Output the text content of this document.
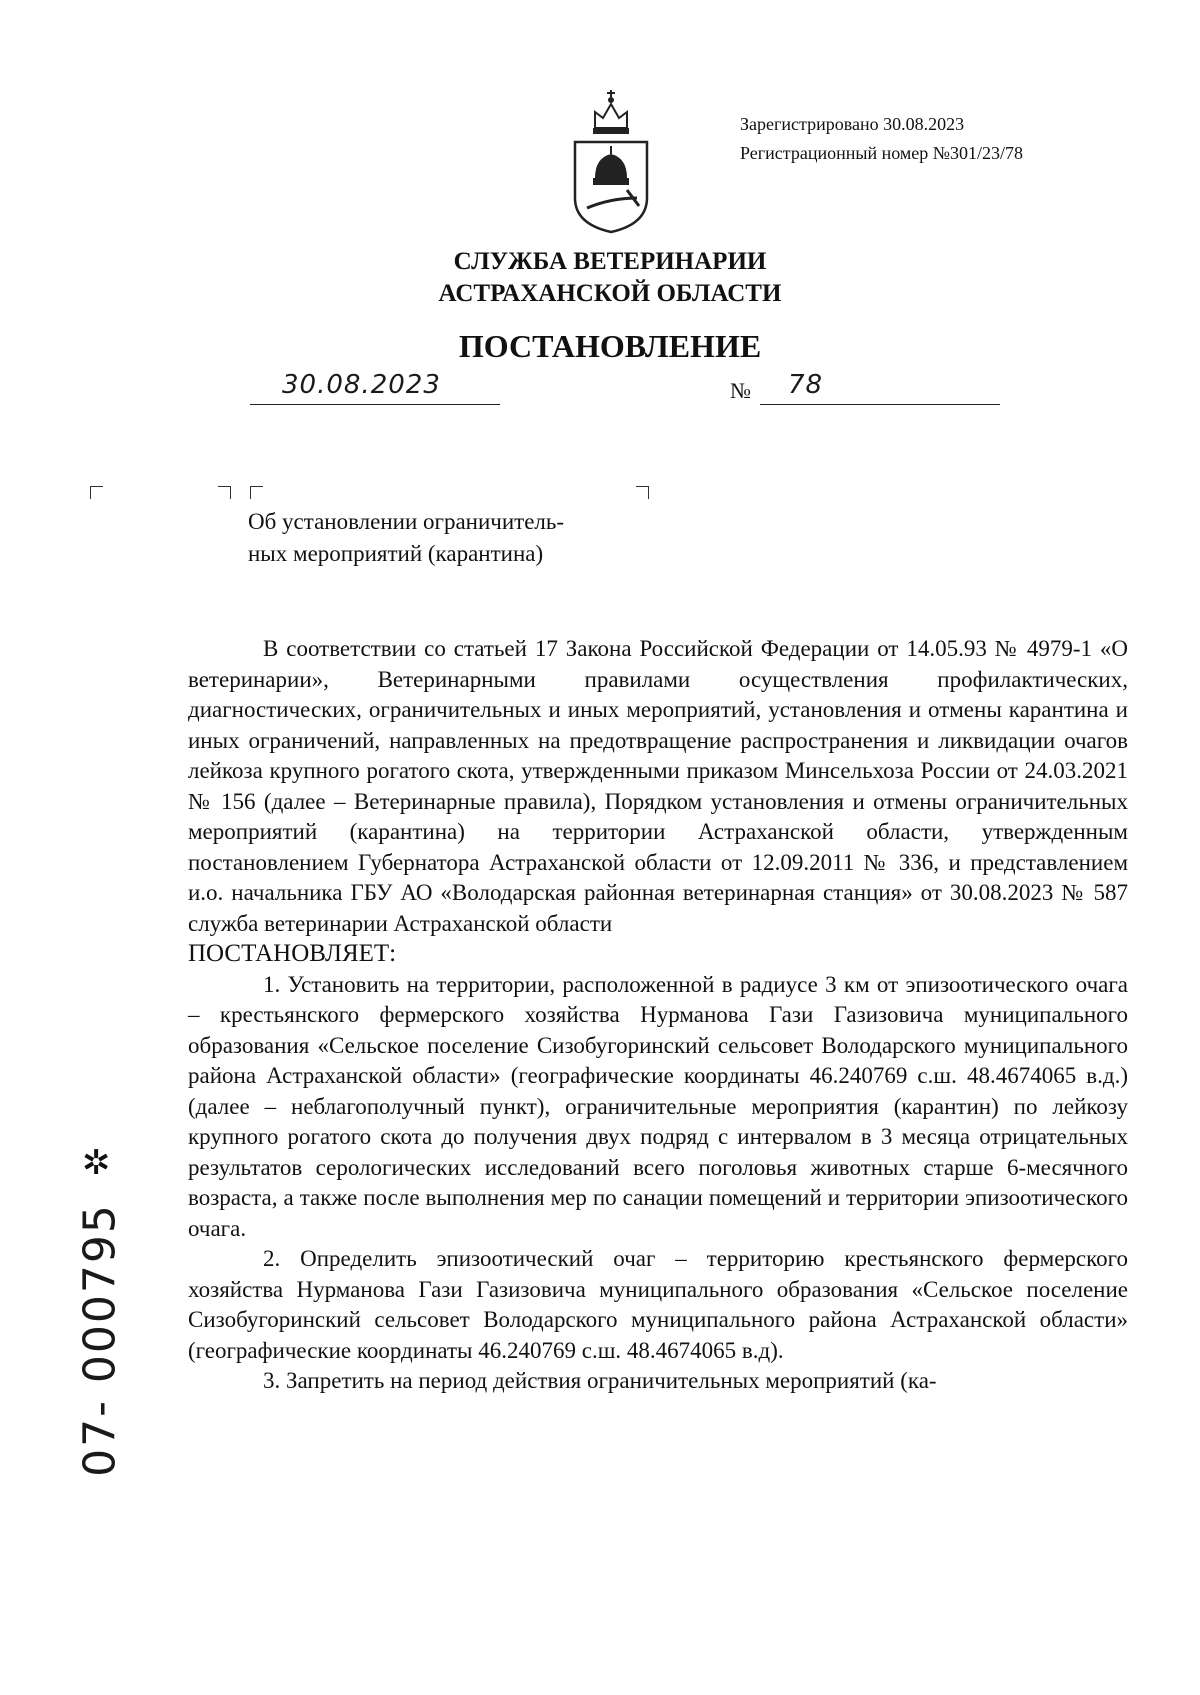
Зарегистрировано 30.08.2023
Регистрационный номер №301/23/78
СЛУЖБА ВЕТЕРИНАРИИ
АСТРАХАНСКОЙ ОБЛАСТИ
ПОСТАНОВЛЕНИЕ
30.08.2023	№ 78
Об установлении ограничитель-
ных мероприятий (карантина)

В соответствии со статьей 17 Закона Российской Федерации от 14.05.93 № 4979-1 «О ветеринарии», Ветеринарными правилами осуществления профилактических, диагностических, ограничительных и иных мероприятий, установления и отмены карантина и иных ограничений, направленных на предотвращение распространения и ликвидации очагов лейкоза крупного рогатого скота, утвержденными приказом Минсельхоза России от 24.03.2021 № 156 (далее – Ветеринарные правила), Порядком установления и отмены ограничительных мероприятий (карантина) на территории Астраханской области, утвержденным постановлением Губернатора Астраханской области от 12.09.2011 № 336, и представлением и.о. начальника ГБУ АО «Володарская районная ветеринарная станция» от 30.08.2023 № 587 служба ветеринарии Астраханской области

ПОСТАНОВЛЯЕТ:

1. Установить на территории, расположенной в радиусе 3 км от эпизоотического очага – крестьянского фермерского хозяйства Нурманова Гази Газизовича муниципального образования «Сельское поселение Сизобугоринский сельсовет Володарского муниципального района Астраханской области» (географические координаты 46.240769 с.ш. 48.4674065 в.д.) (далее – неблагополучный пункт), ограничительные мероприятия (карантин) по лейкозу крупного рогатого скота до получения двух подряд с интервалом в 3 месяца отрицательных результатов серологических исследований всего поголовья животных старше 6-месячного возраста, а также после выполнения мер по санации помещений и территории эпизоотического очага.

2. Определить эпизоотический очаг – территорию крестьянского фермерского хозяйства Нурманова Гази Газизовича муниципального образования «Сельское поселение Сизобугоринский сельсовет Володарского муниципального района Астраханской области» (географические координаты 46.240769 с.ш. 48.4674065 в.д).

3. Запретить на период действия ограничительных мероприятий (ка-

✲
07- 000795
